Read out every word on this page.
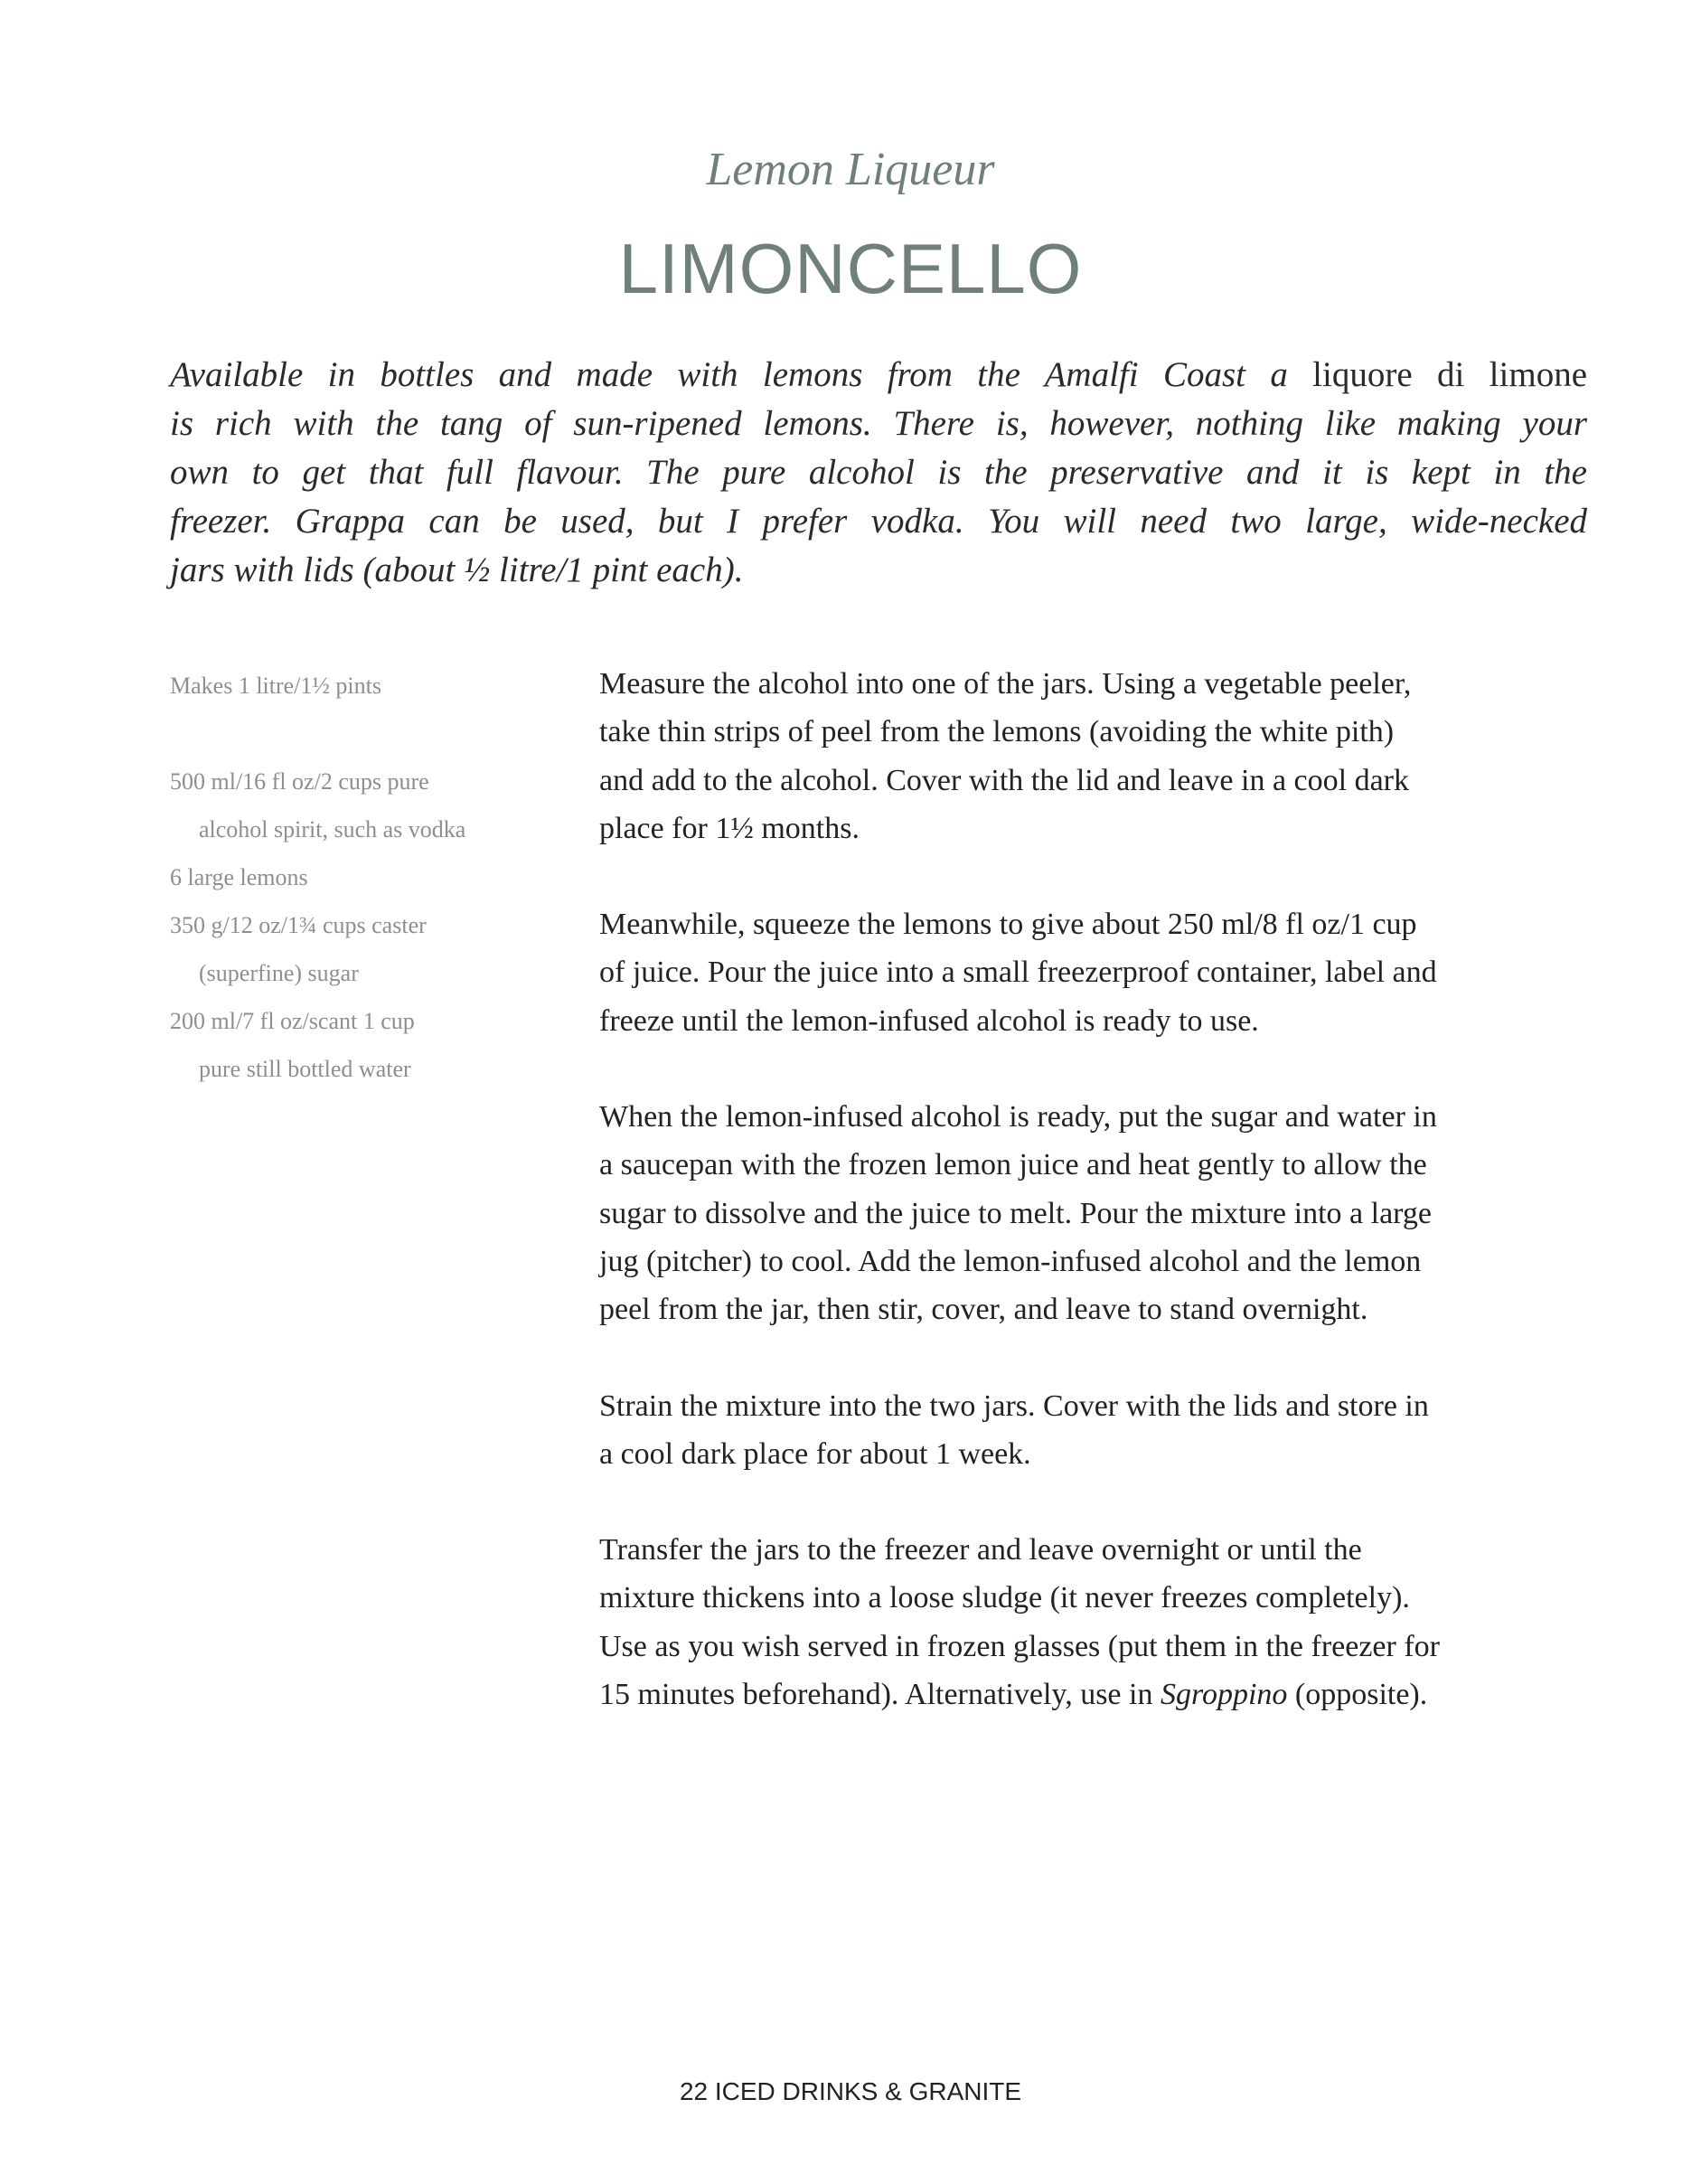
Lemon Liqueur
LIMONCELLO
Available in bottles and made with lemons from the Amalfi Coast a liquore di limone
is rich with the tang of sun-ripened lemons. There is, however, nothing like making your
own to get that full flavour. The pure alcohol is the preservative and it is kept in the
freezer. Grappa can be used, but I prefer vodka. You will need two large, wide-necked
jars with lids (about ½ litre/1 pint each).
Makes 1 litre/1½ pints
500 ml/16 fl oz/2 cups pure
alcohol spirit, such as vodka
6 large lemons
350 g/12 oz/1¾ cups caster
(superfine) sugar
200 ml/7 fl oz/scant 1 cup
pure still bottled water
Measure the alcohol into one of the jars. Using a vegetable peeler,
take thin strips of peel from the lemons (avoiding the white pith)
and add to the alcohol. Cover with the lid and leave in a cool dark
place for 1½ months.
Meanwhile, squeeze the lemons to give about 250 ml/8 fl oz/1 cup
of juice. Pour the juice into a small freezerproof container, label and
freeze until the lemon-infused alcohol is ready to use.
When the lemon-infused alcohol is ready, put the sugar and water in
a saucepan with the frozen lemon juice and heat gently to allow the
sugar to dissolve and the juice to melt. Pour the mixture into a large
jug (pitcher) to cool. Add the lemon-infused alcohol and the lemon
peel from the jar, then stir, cover, and leave to stand overnight.
Strain the mixture into the two jars. Cover with the lids and store in
a cool dark place for about 1 week.
Transfer the jars to the freezer and leave overnight or until the
mixture thickens into a loose sludge (it never freezes completely).
Use as you wish served in frozen glasses (put them in the freezer for
15 minutes beforehand). Alternatively, use in Sgroppino (opposite).
22 ICED DRINKS & GRANITE
